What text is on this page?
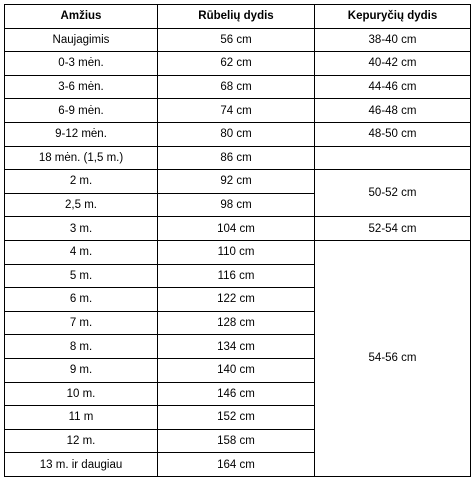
Amžius	Rūbelių dydis	Kepuryčių dydis
Naujagimis	56 cm	38-40 cm
0-3 mėn.	62 cm	40-42 cm
3-6 mėn.	68 cm	44-46 cm
6-9 mėn.	74 cm	46-48 cm
9-12 mėn.	80 cm	48-50 cm
18 mėn. (1,5 m.)	86 cm	
2 m.	92 cm	50-52 cm
2,5 m.	98 cm	
3 m.	104 cm	52-54 cm
4 m.	110 cm	54-56 cm
5 m.	116 cm	
6 m.	122 cm	
7 m.	128 cm	
8 m.	134 cm	
9 m.	140 cm	
10 m.	146 cm	
11 m	152 cm	
12 m.	158 cm	
13 m. ir daugiau	164 cm	
